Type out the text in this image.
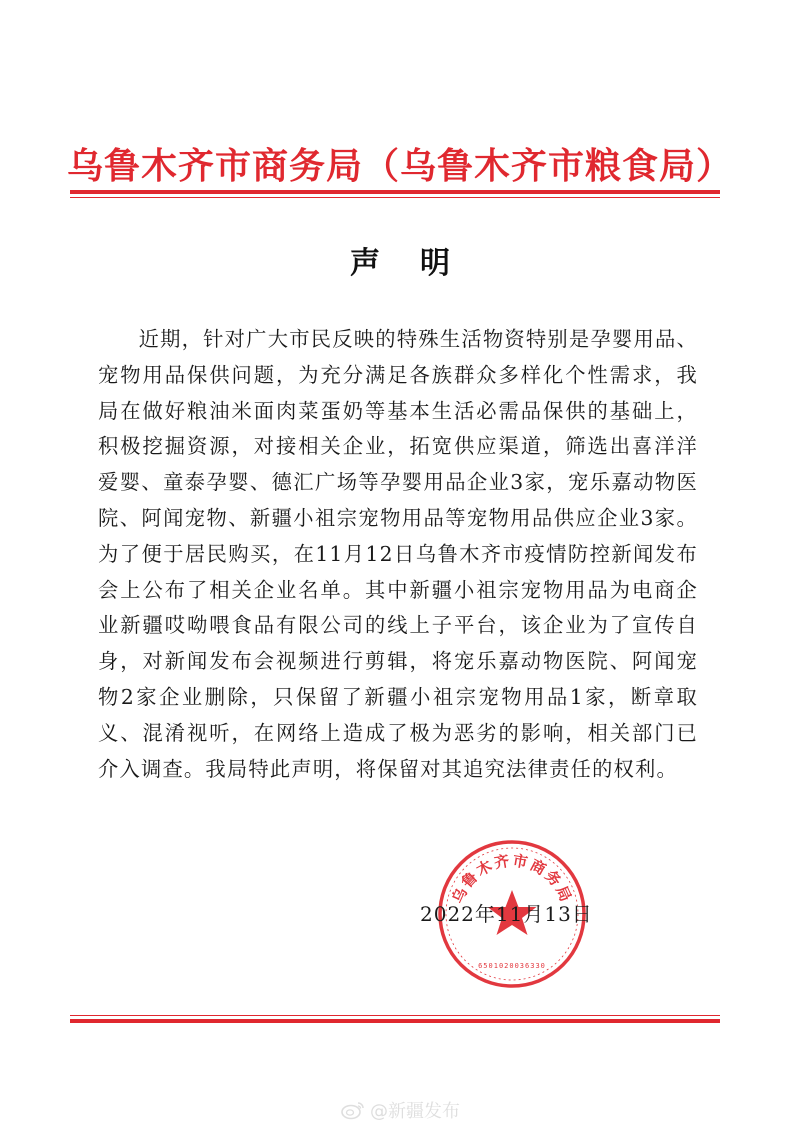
乌鲁木齐市商务局（乌鲁木齐市粮食局）
声明

近期，针对广大市民反映的特殊生活物资特别是孕婴用品、宠物用品保供问题，为充分满足各族群众多样化个性需求，我局在做好粮油米面肉菜蛋奶等基本生活必需品保供的基础上，积极挖掘资源，对接相关企业，拓宽供应渠道，筛选出喜洋洋爱婴、童泰孕婴、德汇广场等孕婴用品企业3家，宠乐嘉动物医院、阿闻宠物、新疆小祖宗宠物用品等宠物用品供应企业3家。为了便于居民购买，在11月12日乌鲁木齐市疫情防控新闻发布会上公布了相关企业名单。其中新疆小祖宗宠物用品为电商企业新疆哎呦喂食品有限公司的线上子平台，该企业为了宣传自身，对新闻发布会视频进行剪辑，将宠乐嘉动物医院、阿闻宠物2家企业删除，只保留了新疆小祖宗宠物用品1家，断章取义、混淆视听，在网络上造成了极为恶劣的影响，相关部门已介入调查。我局特此声明，将保留对其追究法律责任的权利。

乌鲁木齐市商务局
6501020036330
2022年11月13日
@新疆发布
